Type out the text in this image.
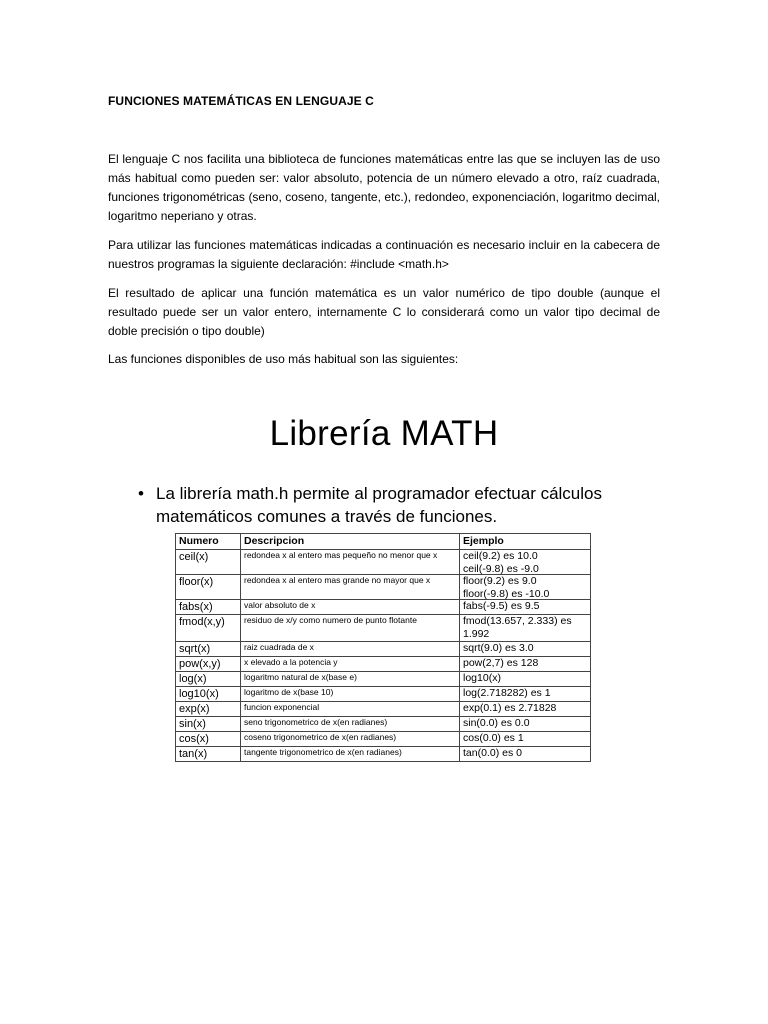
FUNCIONES MATEMÁTICAS EN LENGUAJE C
El lenguaje C nos facilita una biblioteca de funciones matemáticas entre las que se incluyen las de uso más habitual como pueden ser: valor absoluto, potencia de un número elevado a otro, raíz cuadrada, funciones trigonométricas (seno, coseno, tangente, etc.), redondeo, exponenciación, logaritmo decimal, logaritmo neperiano y otras.
Para utilizar las funciones matemáticas indicadas a continuación es necesario incluir en la cabecera de nuestros programas la siguiente declaración: #include <math.h>
El resultado de aplicar una función matemática es un valor numérico de tipo double (aunque el resultado puede ser un valor entero, internamente C lo considerará como un valor tipo decimal de doble precisión o tipo double)
Las funciones disponibles de uso más habitual son las siguientes:
Librería MATH
• La librería math.h permite al programador efectuar cálculos matemáticos comunes a través de funciones.
Numero	Descripcion	Ejemplo
ceil(x)	redondea x al entero mas pequeño no menor que x	ceil(9.2) es 10.0
ceil(-9.8) es -9.0

floor(x)	redondea x al entero mas grande no mayor que x	floor(9.2) es 9.0
floor(-9.8) es -10.0

fabs(x)	valor absoluto de x	fabs(-9.5) es 9.5
fmod(x,y)	residuo de x/y como numero de punto flotante	fmod(13.657, 2.333) es 1.992
sqrt(x)	raiz cuadrada de x	sqrt(9.0) es 3.0
pow(x,y)	x elevado a la potencia y	pow(2,7) es 128
log(x)	logaritmo natural de x(base e)	log10(x)
log10(x)	logaritmo de x(base 10)	log(2.718282) es 1
exp(x)	funcion exponencial	exp(0.1) es 2.71828
sin(x)	seno trigonometrico de x(en radianes)	sin(0.0) es 0.0
cos(x)	coseno trigonometrico de x(en radianes)	cos(0.0) es 1
tan(x)	tangente trigonometrico de x(en radianes)	tan(0.0) es 0
